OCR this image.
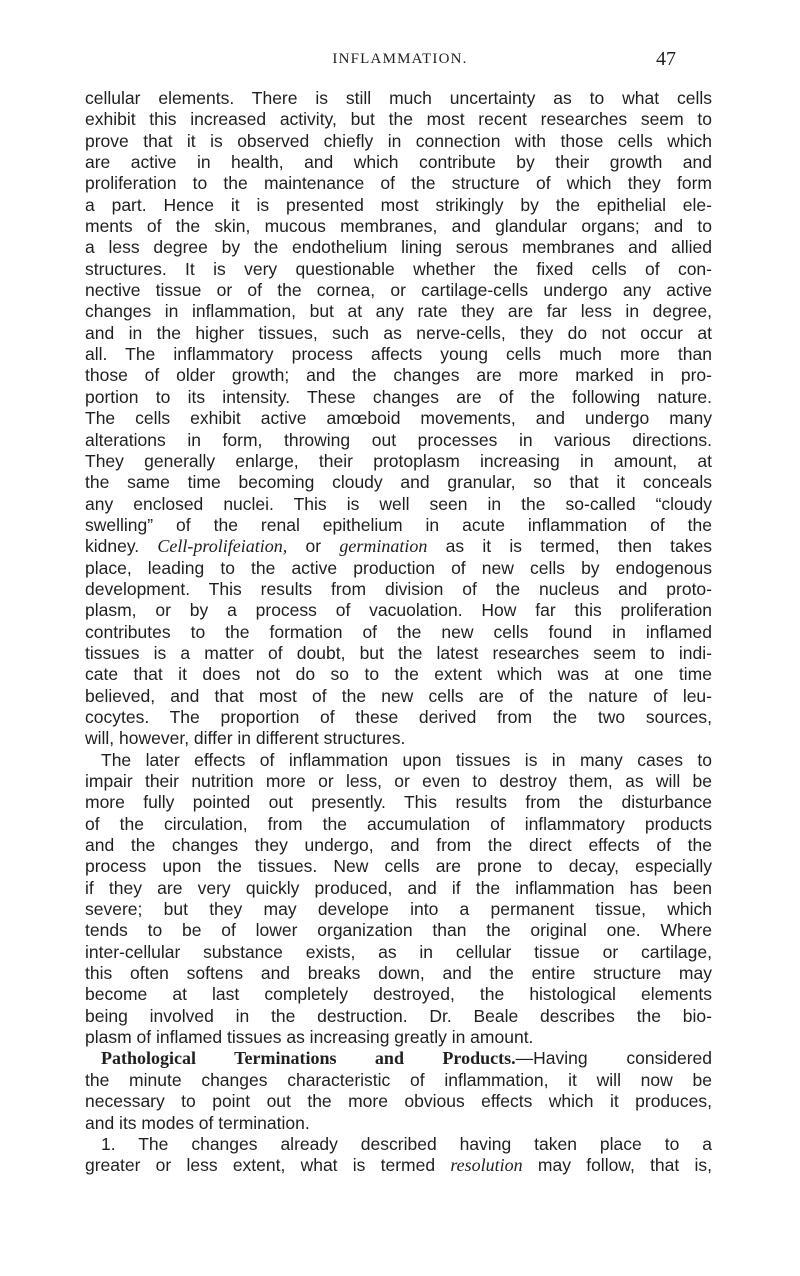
INFLAMMATION.	47
cellular elements. There is still much uncertainty as to what cells
exhibit this increased activity, but the most recent researches seem to
prove that it is observed chiefly in connection with those cells which
are active in health, and which contribute by their growth and
proliferation to the maintenance of the structure of which they form
a part. Hence it is presented most strikingly by the epithelial ele-
ments of the skin, mucous membranes, and glandular organs; and to
a less degree by the endothelium lining serous membranes and allied
structures. It is very questionable whether the fixed cells of con-
nective tissue or of the cornea, or cartilage-cells undergo any active
changes in inflammation, but at any rate they are far less in degree,
and in the higher tissues, such as nerve-cells, they do not occur at
all. The inflammatory process affects young cells much more than
those of older growth; and the changes are more marked in pro-
portion to its intensity. These changes are of the following nature.
The cells exhibit active amœboid movements, and undergo many
alterations in form, throwing out processes in various directions.
They generally enlarge, their protoplasm increasing in amount, at
the same time becoming cloudy and granular, so that it conceals
any enclosed nuclei. This is well seen in the so-called “cloudy
swelling” of the renal epithelium in acute inflammation of the
kidney. Cell-prolifeiation, or germination as it is termed, then takes
place, leading to the active production of new cells by endogenous
development. This results from division of the nucleus and proto-
plasm, or by a process of vacuolation. How far this proliferation
contributes to the formation of the new cells found in inflamed
tissues is a matter of doubt, but the latest researches seem to indi-
cate that it does not do so to the extent which was at one time
believed, and that most of the new cells are of the nature of leu-
cocytes. The proportion of these derived from the two sources,
will, however, differ in different structures.
The later effects of inflammation upon tissues is in many cases to
impair their nutrition more or less, or even to destroy them, as will be
more fully pointed out presently. This results from the disturbance
of the circulation, from the accumulation of inflammatory products
and the changes they undergo, and from the direct effects of the
process upon the tissues. New cells are prone to decay, especially
if they are very quickly produced, and if the inflammation has been
severe; but they may develope into a permanent tissue, which
tends to be of lower organization than the original one. Where
inter-cellular substance exists, as in cellular tissue or cartilage,
this often softens and breaks down, and the entire structure may
become at last completely destroyed, the histological elements
being involved in the destruction. Dr. Beale describes the bio-
plasm of inflamed tissues as increasing greatly in amount.
Pathological Terminations and Products.—Having considered
the minute changes characteristic of inflammation, it will now be
necessary to point out the more obvious effects which it produces,
and its modes of termination.
1. The changes already described having taken place to a
greater or less extent, what is termed resolution may follow, that is,
